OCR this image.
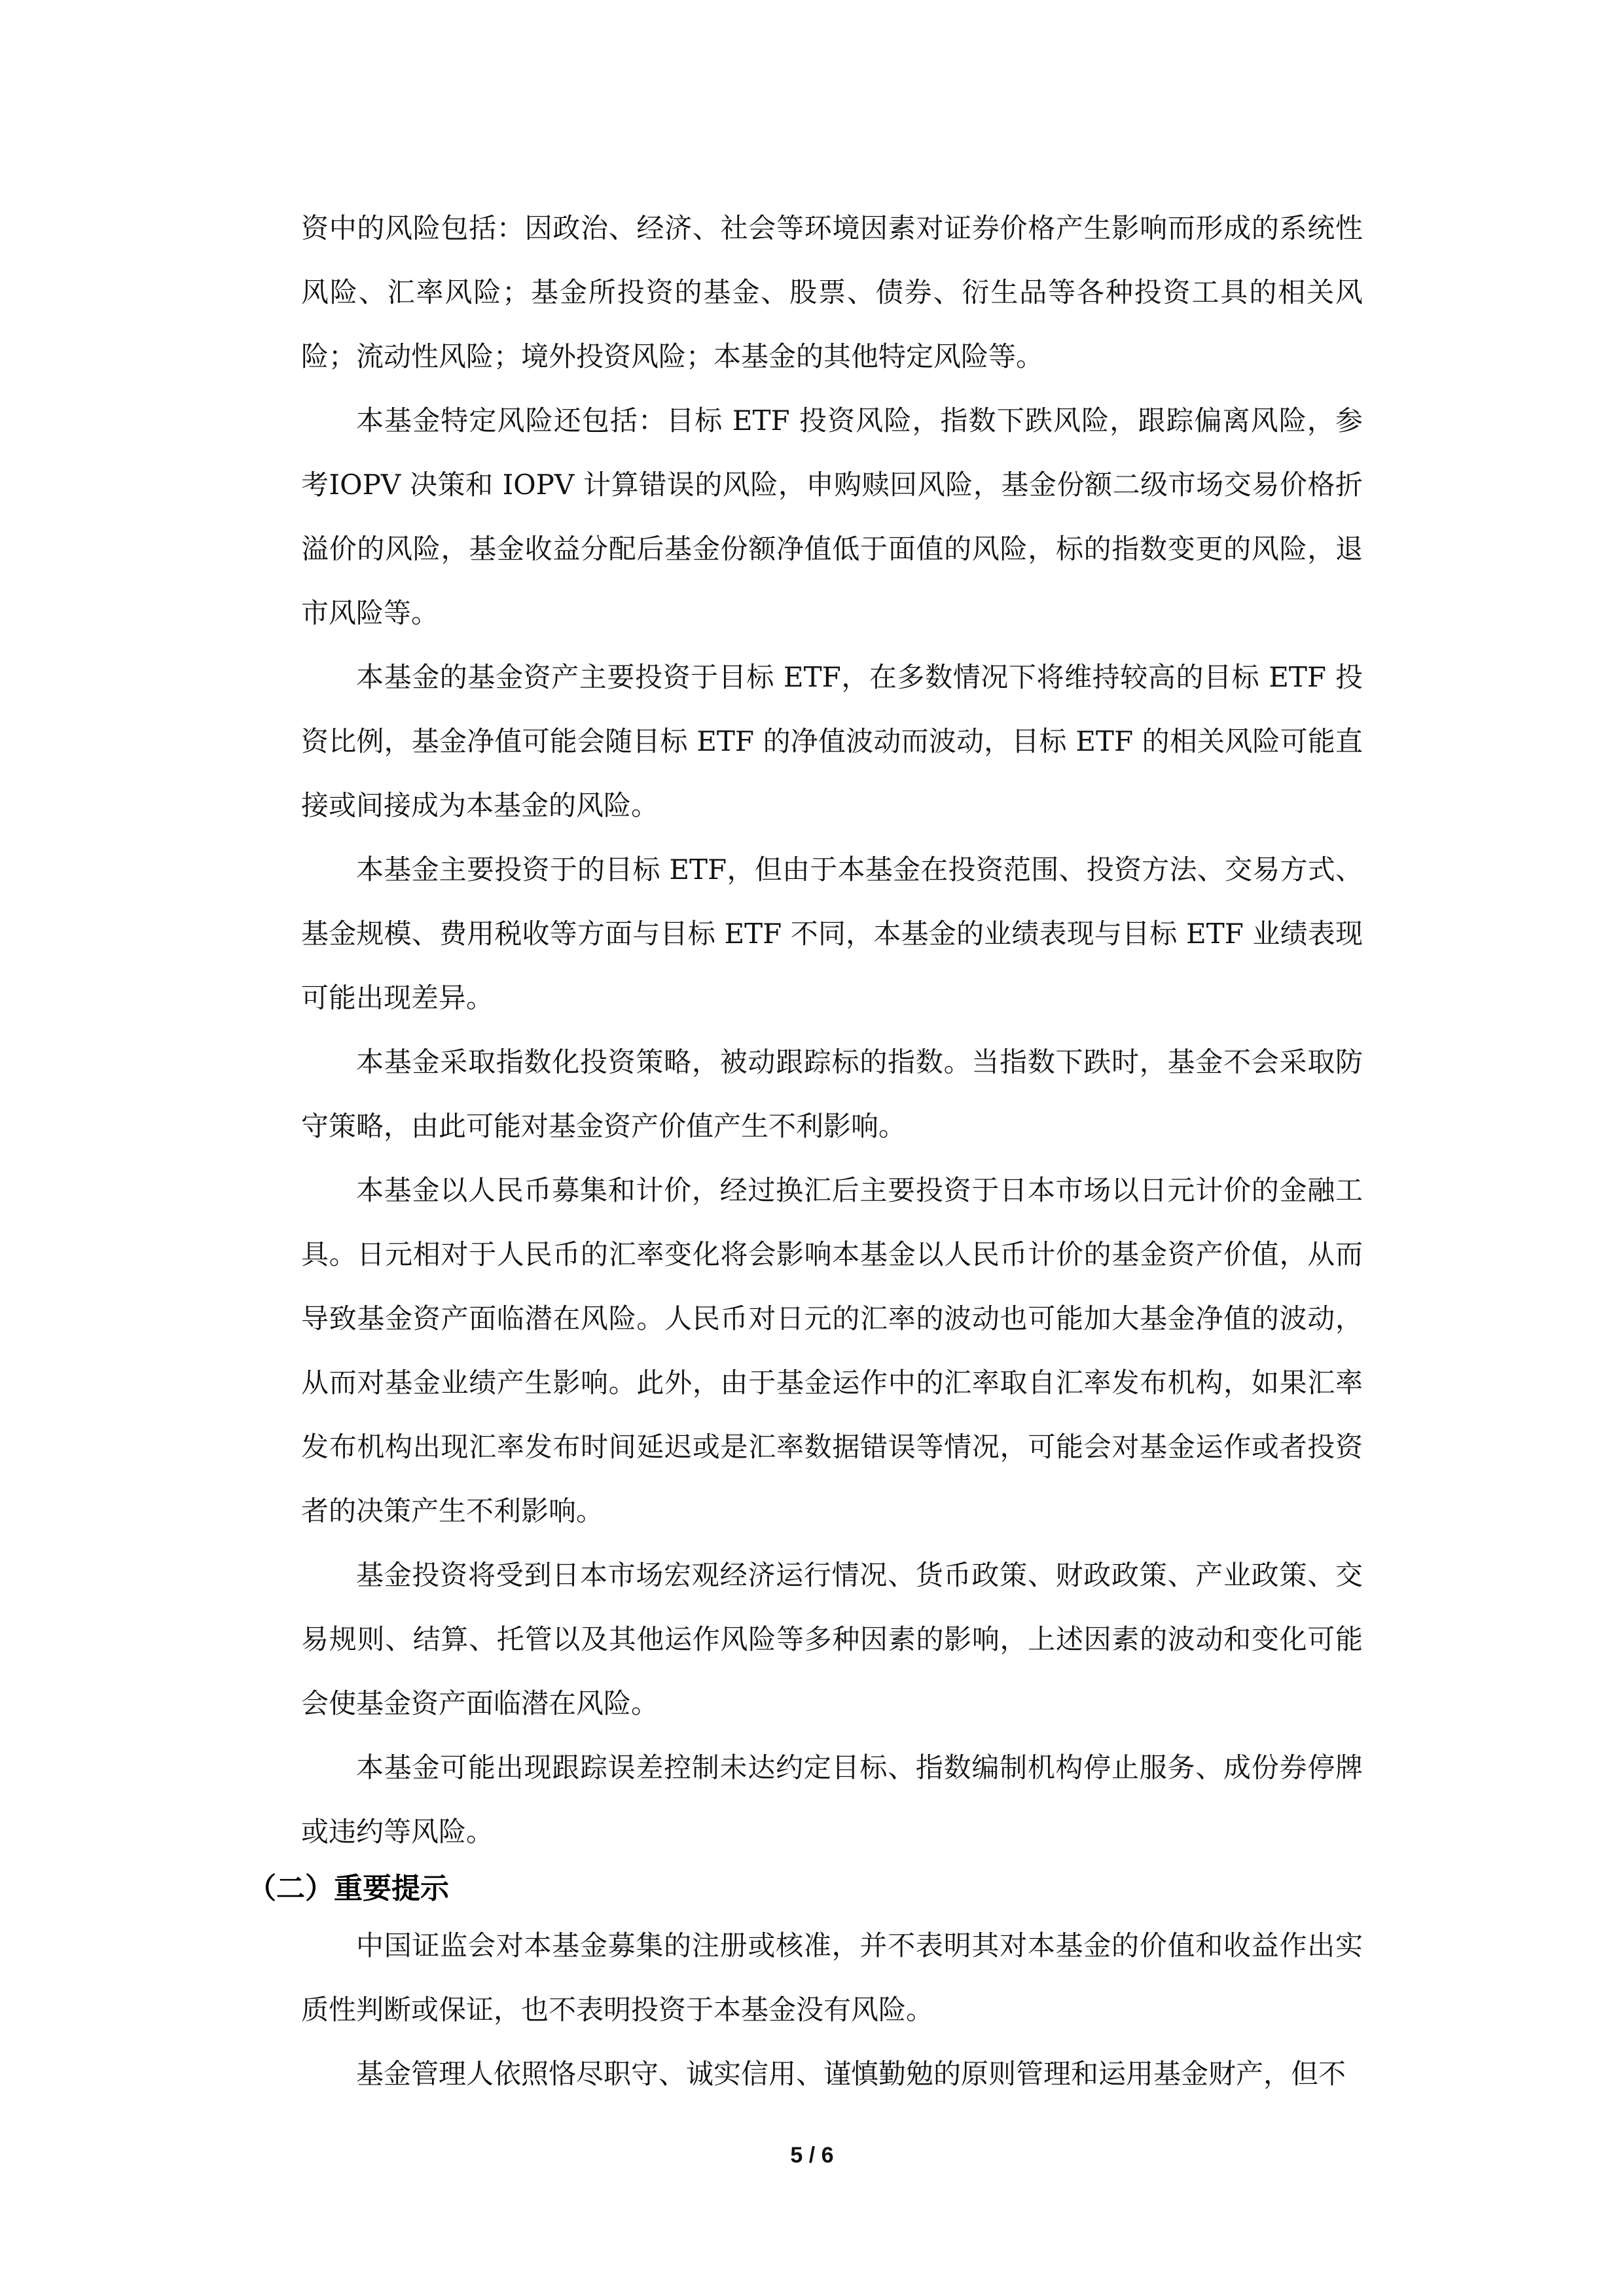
资中的风险包括：因政治、经济、社会等环境因素对证券价格产生影响而形成的系统性风险、汇率风险；基金所投资的基金、股票、债券、衍生品等各种投资工具的相关风险；流动性风险；境外投资风险；本基金的其他特定风险等。

本基金特定风险还包括：目标 ETF 投资风险，指数下跌风险，跟踪偏离风险，参考IOPV 决策和 IOPV 计算错误的风险，申购赎回风险，基金份额二级市场交易价格折溢价的风险，基金收益分配后基金份额净值低于面值的风险，标的指数变更的风险，退市风险等。

本基金的基金资产主要投资于目标 ETF，在多数情况下将维持较高的目标 ETF 投资比例，基金净值可能会随目标 ETF 的净值波动而波动，目标 ETF 的相关风险可能直接或间接成为本基金的风险。

本基金主要投资于的目标 ETF，但由于本基金在投资范围、投资方法、交易方式、基金规模、费用税收等方面与目标 ETF 不同，本基金的业绩表现与目标 ETF 业绩表现可能出现差异。

本基金采取指数化投资策略，被动跟踪标的指数。当指数下跌时，基金不会采取防守策略，由此可能对基金资产价值产生不利影响。

本基金以人民币募集和计价，经过换汇后主要投资于日本市场以日元计价的金融工具。日元相对于人民币的汇率变化将会影响本基金以人民币计价的基金资产价值，从而导致基金资产面临潜在风险。人民币对日元的汇率的波动也可能加大基金净值的波动，从而对基金业绩产生影响。此外，由于基金运作中的汇率取自汇率发布机构，如果汇率发布机构出现汇率发布时间延迟或是汇率数据错误等情况，可能会对基金运作或者投资者的决策产生不利影响。

基金投资将受到日本市场宏观经济运行情况、货币政策、财政政策、产业政策、交易规则、结算、托管以及其他运作风险等多种因素的影响，上述因素的波动和变化可能会使基金资产面临潜在风险。

本基金可能出现跟踪误差控制未达约定目标、指数编制机构停止服务、成份券停牌或违约等风险。

（二）重要提示

中国证监会对本基金募集的注册或核准，并不表明其对本基金的价值和收益作出实质性判断或保证，也不表明投资于本基金没有风险。

基金管理人依照恪尽职守、诚实信用、谨慎勤勉的原则管理和运用基金财产，但不

5 / 6
